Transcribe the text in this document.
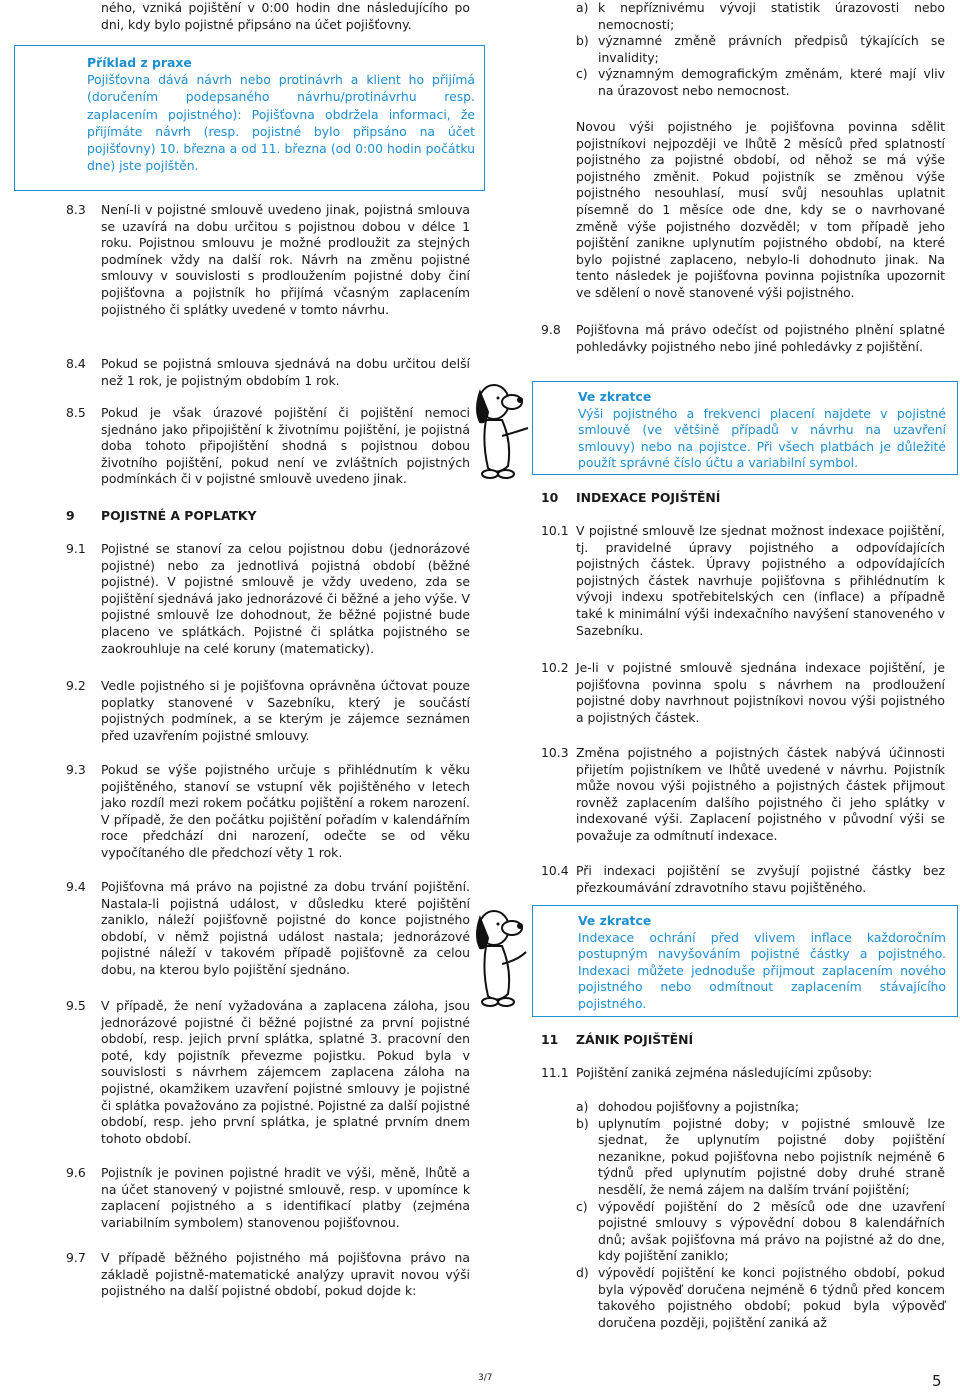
Příklad z praxe

Pojišťovna dává návrh nebo protinávrh a klient ho přijímá (doručením podepsaného návrhu/protinávrhu resp. zaplacením pojistného): Pojišťovna obdržela informaci, že přijímáte návrh (resp. pojistné bylo připsáno na účet pojišťovny) 10. března a od 11. března (od 0:00 hodin počátku dne) jste pojištěn.

Ve zkratce

Výši pojistného a frekvenci placení najdete v pojistné smlouvě (ve většině případů v návrhu na uzavření smlouvy) nebo na pojistce. Při všech platbách je důležité použít správné číslo účtu a variabilní symbol.

Ve zkratce

Indexace ochrání před vlivem inflace každoročním postupným navyšováním pojistné částky a pojistného. Indexaci můžete jednoduše přijmout zaplacením nového pojistného nebo odmítnout zaplacením stávajícího pojistného.

ného, vzniká pojištění v 0:00 hodin dne následujícího po dni, kdy bylo pojistné připsáno na účet pojišťovny.

8.3	Není-li v pojistné smlouvě uvedeno jinak, pojistná smlouva se uzavírá na dobu určitou s pojistnou dobou v délce 1 roku. Pojistnou smlouvu je možné prodloužit za stejných podmínek vždy na další rok. Návrh na změnu pojistné smlouvy v souvislosti s prodloužením pojistné doby činí pojišťovna a pojistník ho přijímá včasným zaplacením pojistného či splátky uvedené v tomto návrhu.
8.4	Pokud se pojistná smlouva sjednává na dobu určitou delší než 1 rok, je pojistným obdobím 1 rok.
8.5	Pokud je však úrazové pojištění či pojištění nemoci sjednáno jako připojištění k životnímu pojištění, je pojistná doba tohoto připojištění shodná s pojistnou dobou životního pojištění, pokud není ve zvláštních pojistných podmínkách či v pojistné smlouvě uvedeno jinak.
9	POJISTNÉ A POPLATKY
9.1	Pojistné se stanoví za celou pojistnou dobu (jednorázové pojistné) nebo za jednotlivá pojistná období (běžné pojistné). V pojistné smlouvě je vždy uvedeno, zda se pojištění sjednává jako jednorázové či běžné a jeho výše. V pojistné smlouvě lze dohodnout, že běžné pojistné bude placeno ve splátkách. Pojistné či splátka pojistného se zaokrouhluje na celé koruny (matematicky).
9.2	Vedle pojistného si je pojišťovna oprávněna účtovat pouze poplatky stanovené v Sazebníku, který je součástí pojistných podmínek, a se kterým je zájemce seznámen před uzavřením pojistné smlouvy.
9.3	Pokud se výše pojistného určuje s přihlédnutím k věku pojištěného, stanoví se vstupní věk pojištěného v letech jako rozdíl mezi rokem počátku pojištění a rokem narození. V případě, že den počátku pojištění pořadím v kalendářním roce předchází dni narození, odečte se od věku vypočítaného dle předchozí věty 1 rok.
9.4	Pojišťovna má právo na pojistné za dobu trvání pojištění. Nastala-li pojistná událost, v důsledku které pojištění zaniklo, náleží pojišťovně pojistné do konce pojistného období, v němž pojistná událost nastala; jednorázové pojistné náleží v takovém případě pojišťovně za celou dobu, na kterou bylo pojištění sjednáno.
9.5	V případě, že není vyžadována a zaplacena záloha, jsou jednorázové pojistné či běžné pojistné za první pojistné období, resp. jejich první splátka, splatné 3. pracovní den poté, kdy pojistník převezme pojistku. Pokud byla v souvislosti s návrhem zájemcem zaplacena záloha na pojistné, okamžikem uzavření pojistné smlouvy je pojistné či splátka považováno za pojistné. Pojistné za další pojistné období, resp. jeho první splátka, je splatné prvním dnem tohoto období.
9.6	Pojistník je povinen pojistné hradit ve výši, měně, lhůtě a na účet stanovený v pojistné smlouvě, resp. v upomínce k zaplacení pojistného a s identifikací platby (zejména variabilním symbolem) stanovenou pojišťovnou.
9.7	V případě běžného pojistného má pojišťovna právo na základě pojistně-matematické analýzy upravit novou výši pojistného na další pojistné období, pokud dojde k:
a) k nepříznivému vývoji statistik úrazovosti nebo nemocnosti;
b) významné změně právních předpisů týkajících se invalidity;
c) významným demografickým změnám, které mají vliv na úrazovost nebo nemocnost.

Novou výši pojistného je pojišťovna povinna sdělit pojistníkovi nejpozději ve lhůtě 2 měsíců před splatností pojistného za pojistné období, od něhož se má výše pojistného změnit. Pokud pojistník se změnou výše pojistného nesouhlasí, musí svůj nesouhlas uplatnit písemně do 1 měsíce ode dne, kdy se o navrhované změně výše pojistného dozvěděl; v tom případě jeho pojištění zanikne uplynutím pojistného období, na které bylo pojistné zaplaceno, nebylo-li dohodnuto jinak. Na tento následek je pojišťovna povinna pojistníka upozornit ve sdělení o nově stanovené výši pojistného.

9.8	Pojišťovna má právo odečíst od pojistného plnění splatné pohledávky pojistného nebo jiné pohledávky z pojištění.
10	INDEXACE POJIŠTĚNÍ
10.1 V pojistné smlouvě lze sjednat možnost indexace pojištění, tj. pravidelné úpravy pojistného a odpovídajících pojistných částek. Úpravy pojistného a odpovídajících pojistných částek navrhuje pojišťovna s přihlédnutím k vývoji indexu spotřebitelských cen (inflace) a případně také k minimální výši indexačního navýšení stanoveného v Sazebníku.
10.2 Je-li v pojistné smlouvě sjednána indexace pojištění, je pojišťovna povinna spolu s návrhem na prodloužení pojistné doby navrhnout pojistníkovi novou výši pojistného a pojistných částek.
10.3 Změna pojistného a pojistných částek nabývá účinnosti přijetím pojistníkem ve lhůtě uvedené v návrhu. Pojistník může novou výši pojistného a pojistných částek přijmout rovněž zaplacením dalšího pojistného či jeho splátky v indexované výši. Zaplacení pojistného v původní výši se považuje za odmítnutí indexace.
10.4 Při indexaci pojištění se zvyšují pojistné částky bez přezkoumávání zdravotního stavu pojištěného.
11	ZÁNIK POJIŠTĚNÍ
11.1 Pojištění zaniká zejména následujícími způsoby:
a) dohodou pojišťovny a pojistníka;
b) uplynutím pojistné doby; v pojistné smlouvě lze sjednat, že uplynutím pojistné doby pojištění nezanikne, pokud pojišťovna nebo pojistník nejméně 6 týdnů před uplynutím pojistné doby druhé straně nesdělí, že nemá zájem na dalším trvání pojištění;
c) výpovědí pojištění do 2 měsíců ode dne uzavření pojistné smlouvy s výpovědní dobou 8 kalendářních dnů; avšak pojišťovna má právo na pojistné až do dne, kdy pojištění zaniklo;
d) výpovědí pojištění ke konci pojistného období, pokud byla výpověď doručena nejméně 6 týdnů před koncem takového pojistného období; pokud byla výpověď doručena později, pojištění zaniká až
3/7	5
